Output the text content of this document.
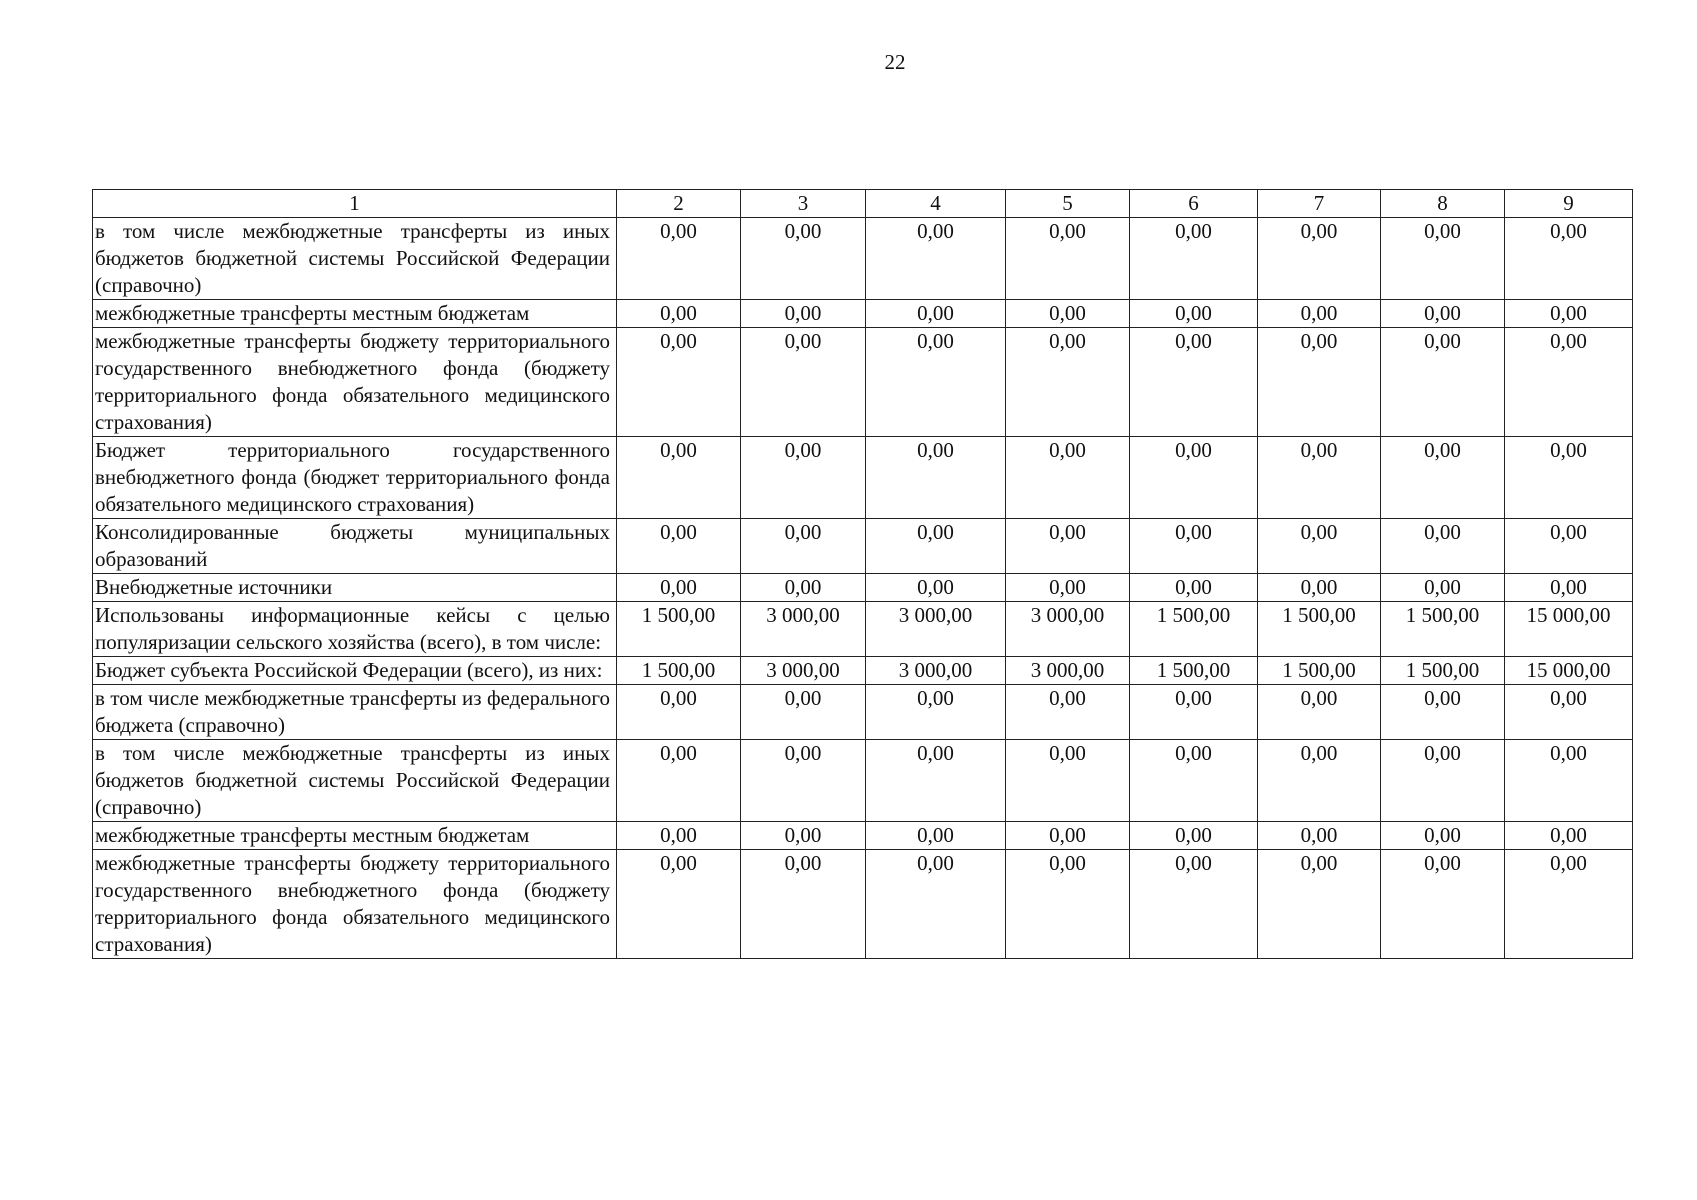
22
1	2	3	4	5	6	7	8	9
в том числе межбюджетные трансферты из иных бюджетов бюджетной системы Российской Федерации (справочно)	0,00	0,00	0,00	0,00	0,00	0,00	0,00	0,00
межбюджетные трансферты местным бюджетам	0,00	0,00	0,00	0,00	0,00	0,00	0,00	0,00
межбюджетные трансферты бюджету территориального государственного внебюджетного фонда (бюджету территориального фонда обязательного медицинского страхования)	0,00	0,00	0,00	0,00	0,00	0,00	0,00	0,00
Бюджет территориального государственного внебюджетного фонда (бюджет территориального фонда обязательного медицинского страхования)	0,00	0,00	0,00	0,00	0,00	0,00	0,00	0,00
Консолидированные бюджеты муниципальных образований	0,00	0,00	0,00	0,00	0,00	0,00	0,00	0,00
Внебюджетные источники	0,00	0,00	0,00	0,00	0,00	0,00	0,00	0,00
Использованы информационные кейсы с целью популяризации сельского хозяйства (всего), в том числе:	1 500,00	3 000,00	3 000,00	3 000,00	1 500,00	1 500,00	1 500,00	15 000,00
Бюджет субъекта Российской Федерации (всего), из них:	1 500,00	3 000,00	3 000,00	3 000,00	1 500,00	1 500,00	1 500,00	15 000,00
в том числе межбюджетные трансферты из федерального бюджета (справочно)	0,00	0,00	0,00	0,00	0,00	0,00	0,00	0,00
в том числе межбюджетные трансферты из иных бюджетов бюджетной системы Российской Федерации (справочно)	0,00	0,00	0,00	0,00	0,00	0,00	0,00	0,00
межбюджетные трансферты местным бюджетам	0,00	0,00	0,00	0,00	0,00	0,00	0,00	0,00
межбюджетные трансферты бюджету территориального государственного внебюджетного фонда (бюджету территориального фонда обязательного медицинского страхования)	0,00	0,00	0,00	0,00	0,00	0,00	0,00	0,00
